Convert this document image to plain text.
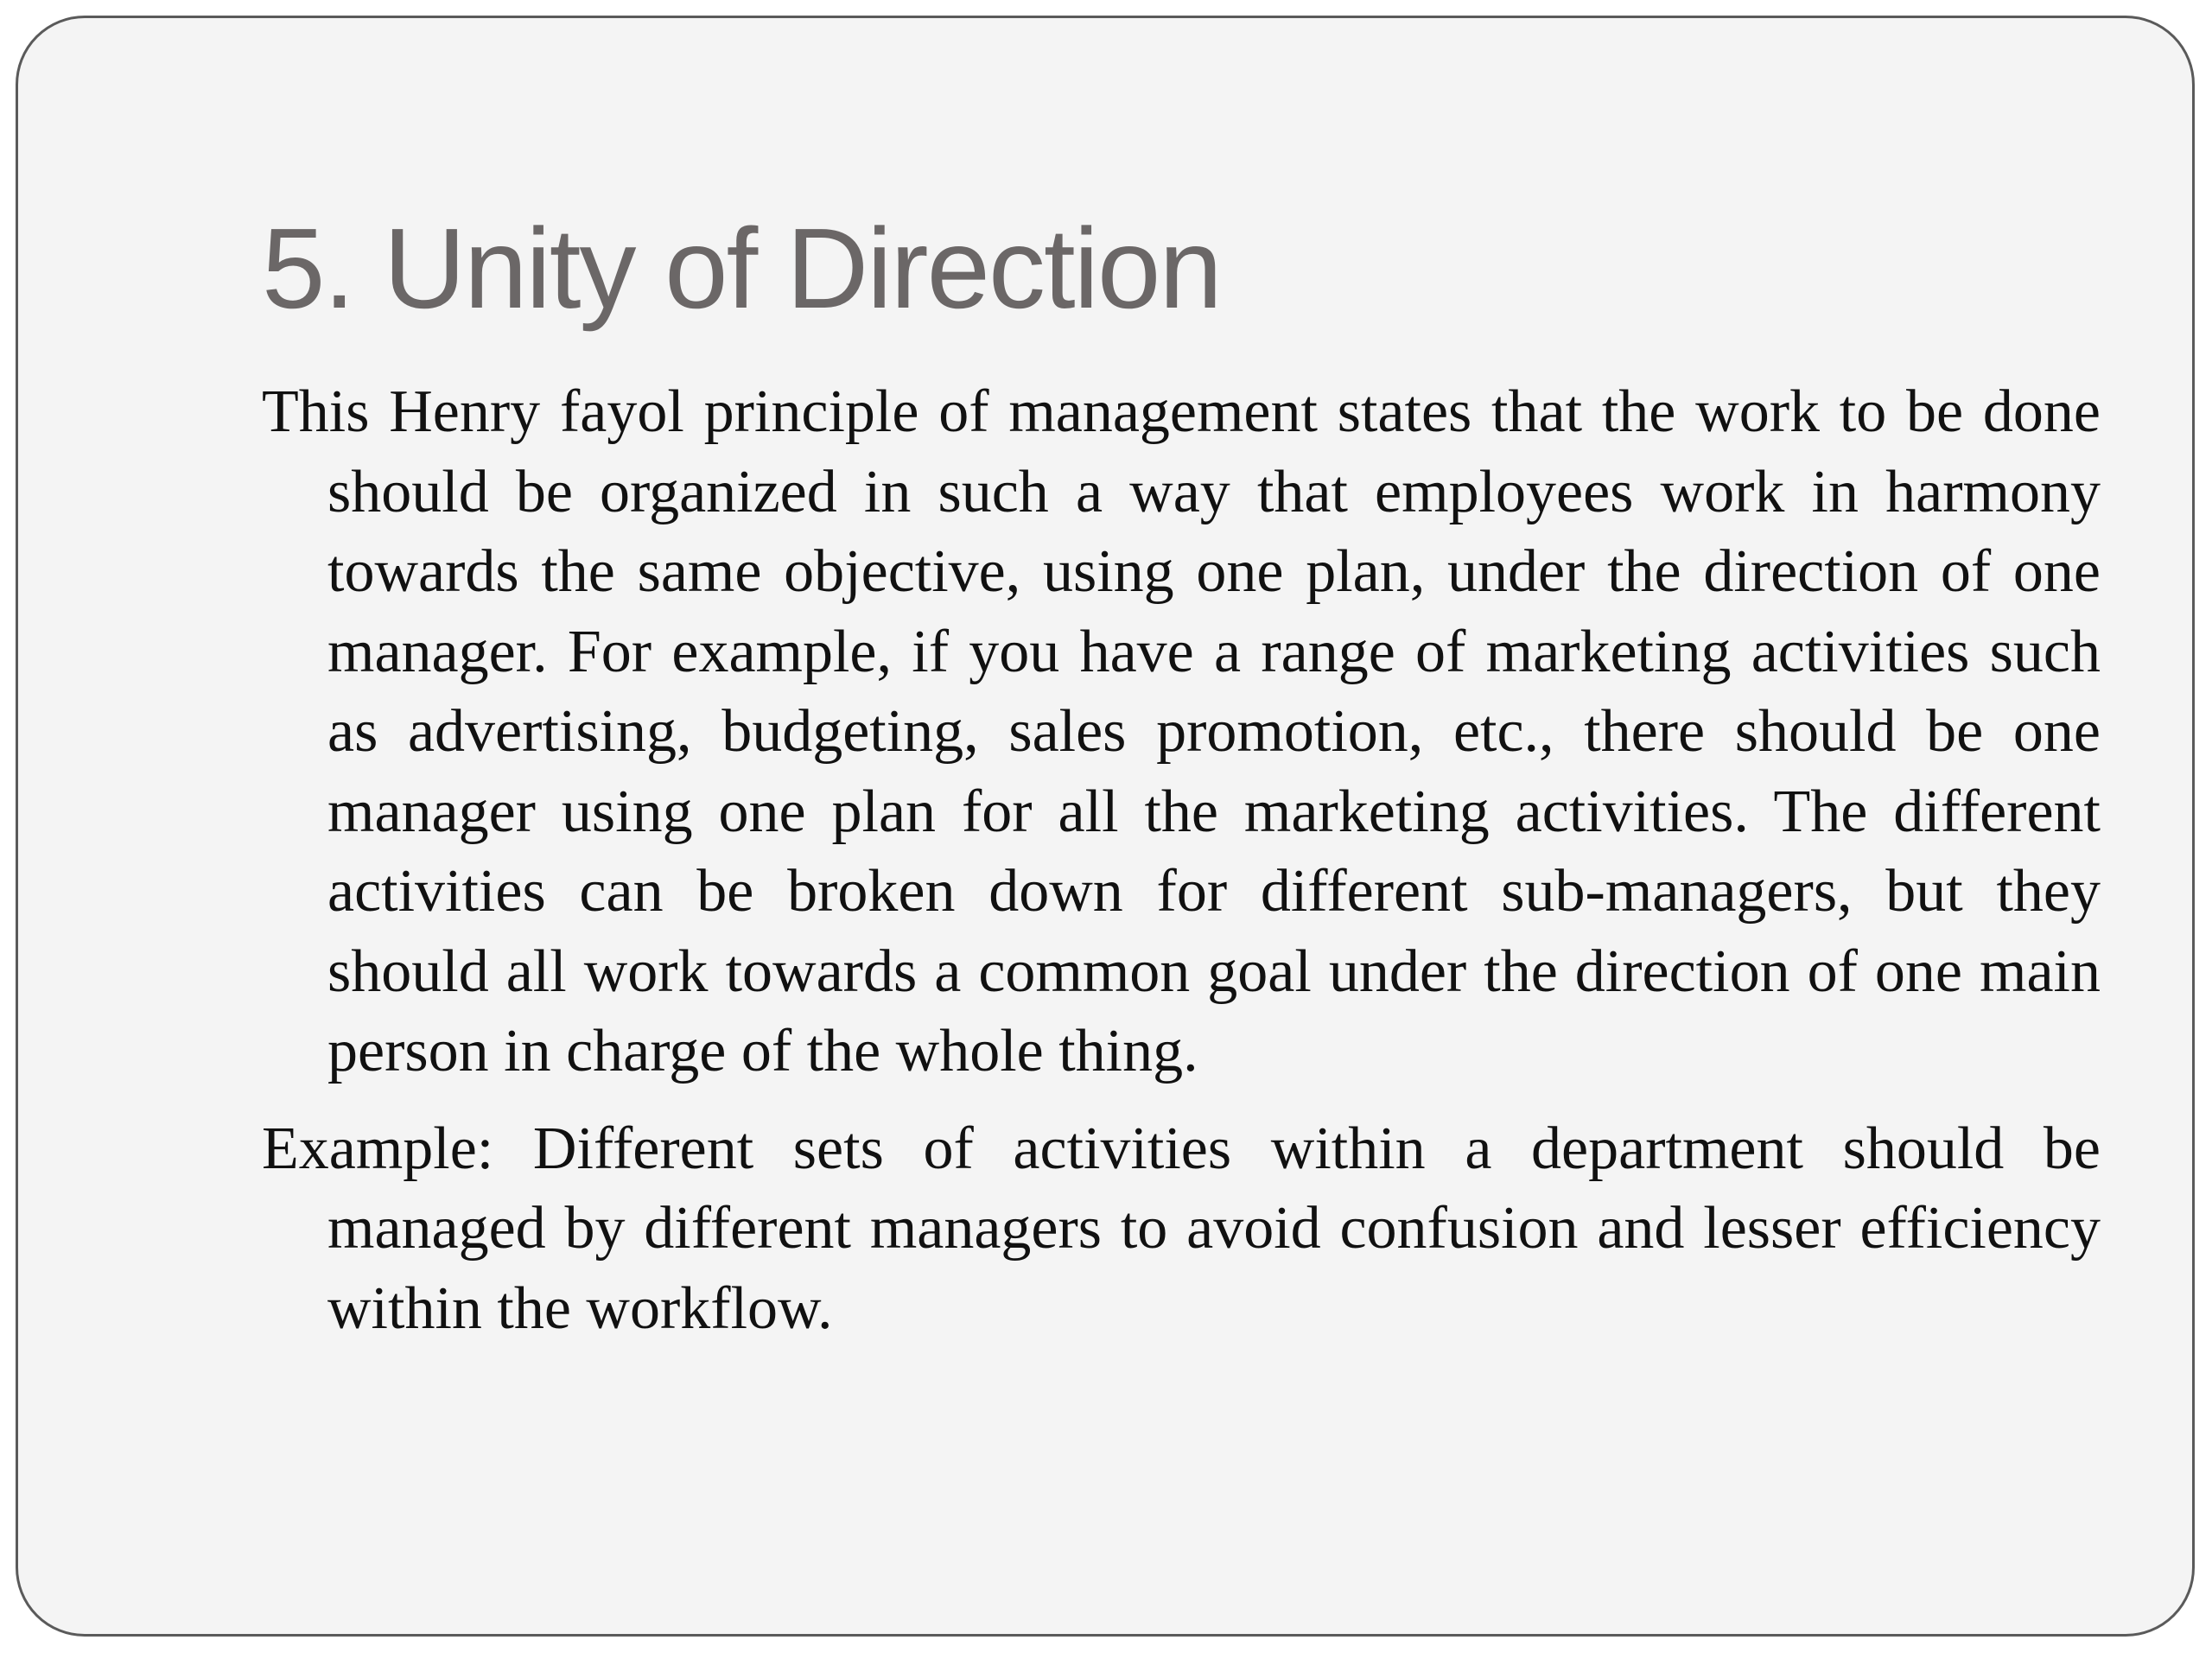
5. Unity of Direction

This Henry fayol principle of management states that the work to be done should be organized in such a way that employees work in harmony towards the same objective, using one plan, under the direction of one manager. For example, if you have a range of marketing activities such as advertising, budgeting, sales promotion, etc., there should be one manager using one plan for all the marketing activities. The different activities can be broken down for different sub-managers, but they should all work towards a common goal under the direction of one main person in charge of the whole thing.

Example: Different sets of activities within a department should be managed by different managers to avoid confusion and lesser efficiency within the workflow.
